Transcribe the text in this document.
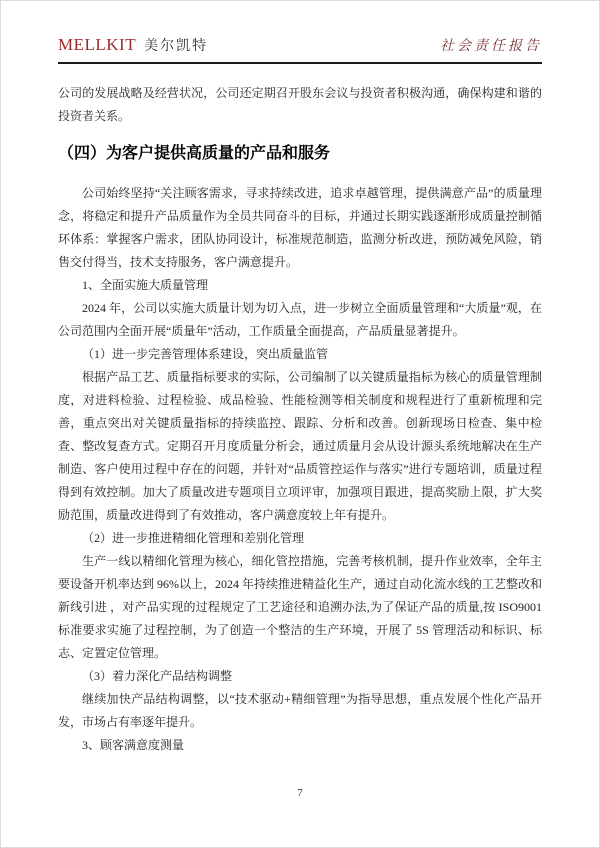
MELLKIT 美尔凯特	社会责任报告

公司的发展战略及经营状况，公司还定期召开股东会议与投资者积极沟通，确保构建和谐的投资者关系。

（四）为客户提供高质量的产品和服务

公司始终坚持“关注顾客需求，寻求持续改进，追求卓越管理，提供满意产品”的质量理念，将稳定和提升产品质量作为全员共同奋斗的目标，并通过长期实践逐渐形成质量控制循环体系：掌握客户需求，团队协同设计，标准规范制造，监测分析改进，预防减免风险，销售交付得当，技术支持服务，客户满意提升。

1、全面实施大质量管理

2024 年，公司以实施大质量计划为切入点，进一步树立全面质量管理和“大质量”观，在公司范围内全面开展“质量年”活动，工作质量全面提高，产品质量显著提升。

（1）进一步完善管理体系建设，突出质量监管

根据产品工艺、质量指标要求的实际，公司编制了以关键质量指标为核心的质量管理制度，对进料检验、过程检验、成品检验、性能检测等相关制度和规程进行了重新梳理和完善，重点突出对关键质量指标的持续监控、跟踪、分析和改善。创新现场日检查、集中检查、整改复查方式。定期召开月度质量分析会，通过质量月会从设计源头系统地解决在生产制造、客户使用过程中存在的问题，并针对“品质管控运作与落实”进行专题培训，质量过程得到有效控制。加大了质量改进专题项目立项评审，加强项目跟进，提高奖励上限，扩大奖励范围，质量改进得到了有效推动，客户满意度较上年有提升。

（2）进一步推进精细化管理和差别化管理

生产一线以精细化管理为核心，细化管控措施，完善考核机制，提升作业效率，全年主要设备开机率达到 96%以上，2024 年持续推进精益化生产，通过自动化流水线的工艺整改和新线引进 ，对产品实现的过程规定了工艺途径和追溯办法,为了保证产品的质量,按 ISO9001 标准要求实施了过程控制，为了创造一个整洁的生产环境，开展了 5S 管理活动和标识、标志、定置定位管理。

（3）着力深化产品结构调整

继续加快产品结构调整，以“技术驱动+精细管理”为指导思想，重点发展个性化产品开发，市场占有率逐年提升。

3、顾客满意度测量

7
